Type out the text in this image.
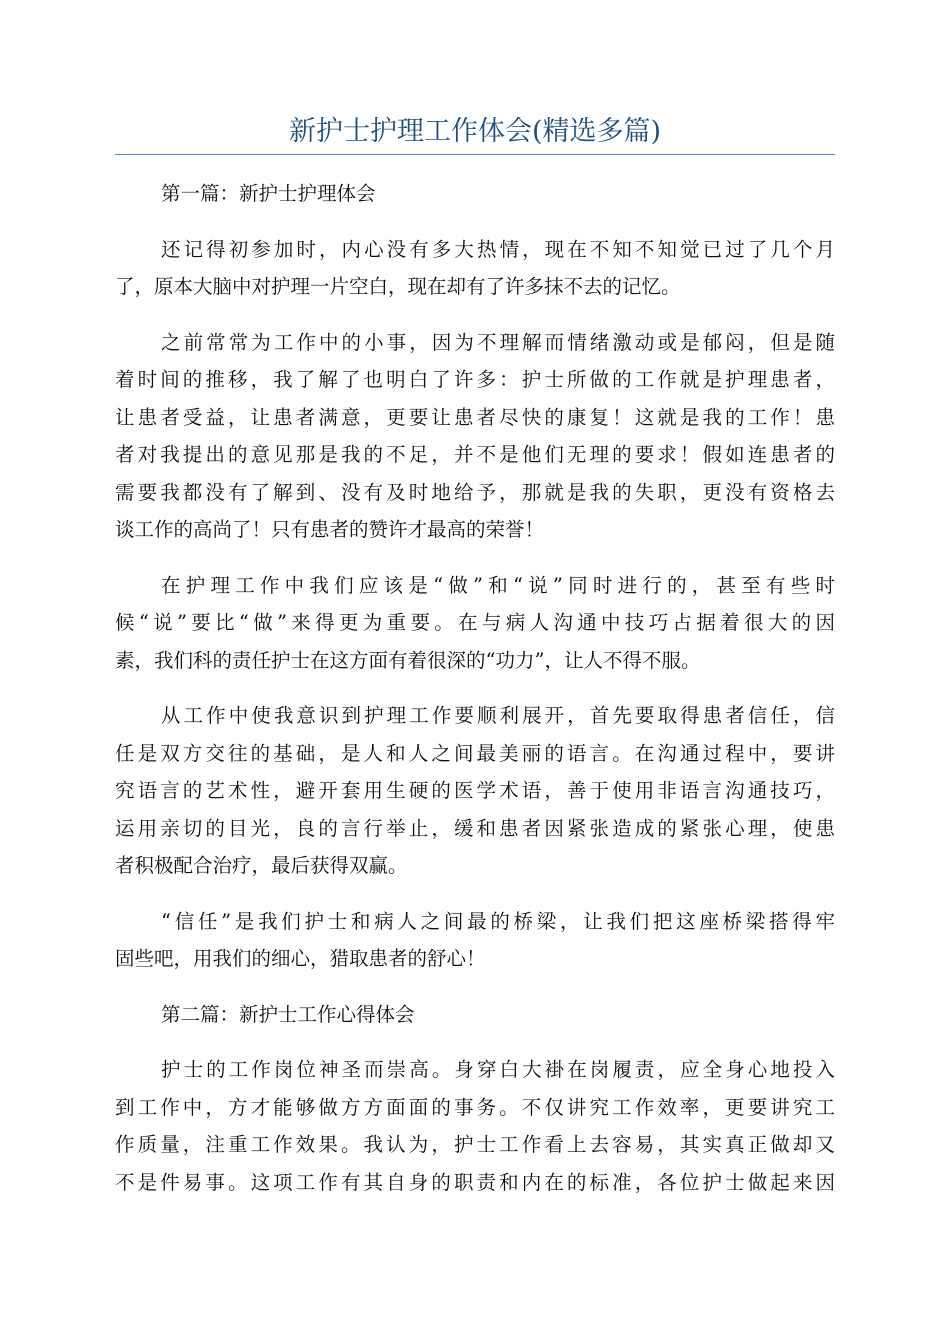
新护士护理工作体会(精选多篇)
第一篇：新护士护理体会
还记得初参加时，内心没有多大热情，现在不知不知觉已过了几个月
了，原本大脑中对护理一片空白，现在却有了许多抹不去的记忆。
之前常常为工作中的小事，因为不理解而情绪激动或是郁闷，但是随
着时间的推移，我了解了也明白了许多：护士所做的工作就是护理患者，
让患者受益，让患者满意，更要让患者尽快的康复！这就是我的工作！患
者对我提出的意见那是我的不足，并不是他们无理的要求！假如连患者的
需要我都没有了解到、没有及时地给予，那就是我的失职，更没有资格去
谈工作的高尚了！只有患者的赞许才最高的荣誉！
在护理工作中我们应该是“做”和“说”同时进行的，甚至有些时
候“说”要比“做”来得更为重要。在与病人沟通中技巧占据着很大的因
素，我们科的责任护士在这方面有着很深的“功力”，让人不得不服。
从工作中使我意识到护理工作要顺利展开，首先要取得患者信任，信
任是双方交往的基础，是人和人之间最美丽的语言。在沟通过程中，要讲
究语言的艺术性，避开套用生硬的医学术语，善于使用非语言沟通技巧，
运用亲切的目光，良的言行举止，缓和患者因紧张造成的紧张心理，使患
者积极配合治疗，最后获得双赢。
“信任”是我们护士和病人之间最的桥梁，让我们把这座桥梁搭得牢
固些吧，用我们的细心，猎取患者的舒心！
第二篇：新护士工作心得体会
护士的工作岗位神圣而崇高。身穿白大褂在岗履责，应全身心地投入
到工作中，方才能够做方方面面的事务。不仅讲究工作效率，更要讲究工
作质量，注重工作效果。我认为，护士工作看上去容易，其实真正做却又
不是件易事。这项工作有其自身的职责和内在的标准，各位护士做起来因
